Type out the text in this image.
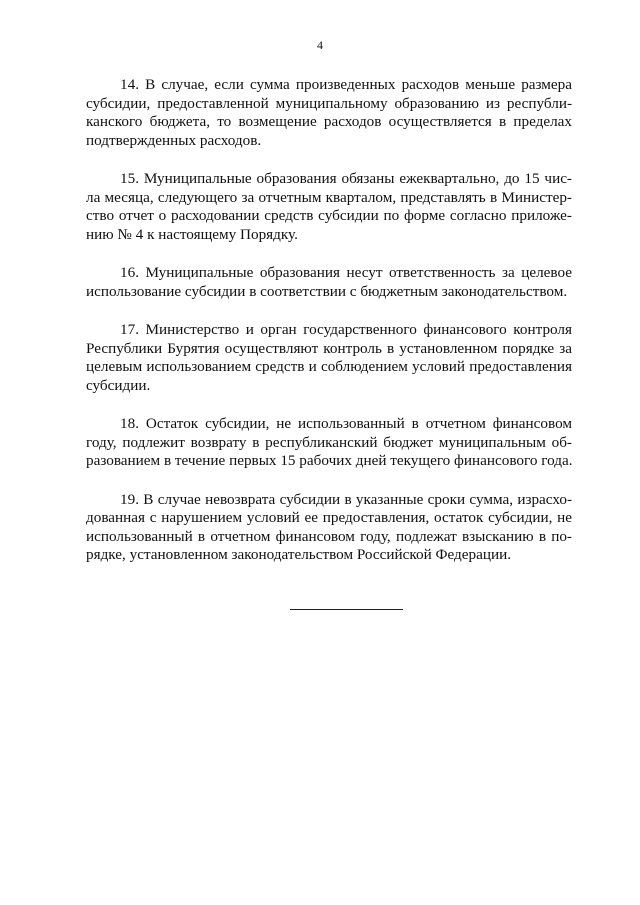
4

14. В случае, если сумма произведенных расходов меньше размера
субсидии, предоставленной муниципальному образованию из республи-
канского бюджета, то возмещение расходов осуществляется в пределах
подтвержденных расходов.

15. Муниципальные образования обязаны ежеквартально, до 15 чис-
ла месяца, следующего за отчетным кварталом, представлять в Министер-
ство отчет о расходовании средств субсидии по форме согласно приложе-
нию № 4 к настоящему Порядку.

16. Муниципальные образования несут ответственность за целевое
использование субсидии в соответствии с бюджетным законодательством.

17. Министерство и орган государственного финансового контроля
Республики Бурятия осуществляют контроль в установленном порядке за
целевым использованием средств и соблюдением условий предоставления
субсидии.

18. Остаток субсидии, не использованный в отчетном финансовом
году, подлежит возврату в республиканский бюджет муниципальным об-
разованием в течение первых 15 рабочих дней текущего финансового года.

19. В случае невозврата субсидии в указанные сроки сумма, израсхо-
дованная с нарушением условий ее предоставления, остаток субсидии, не
использованный в отчетном финансовом году, подлежат взысканию в по-
рядке, установленном законодательством Российской Федерации.
